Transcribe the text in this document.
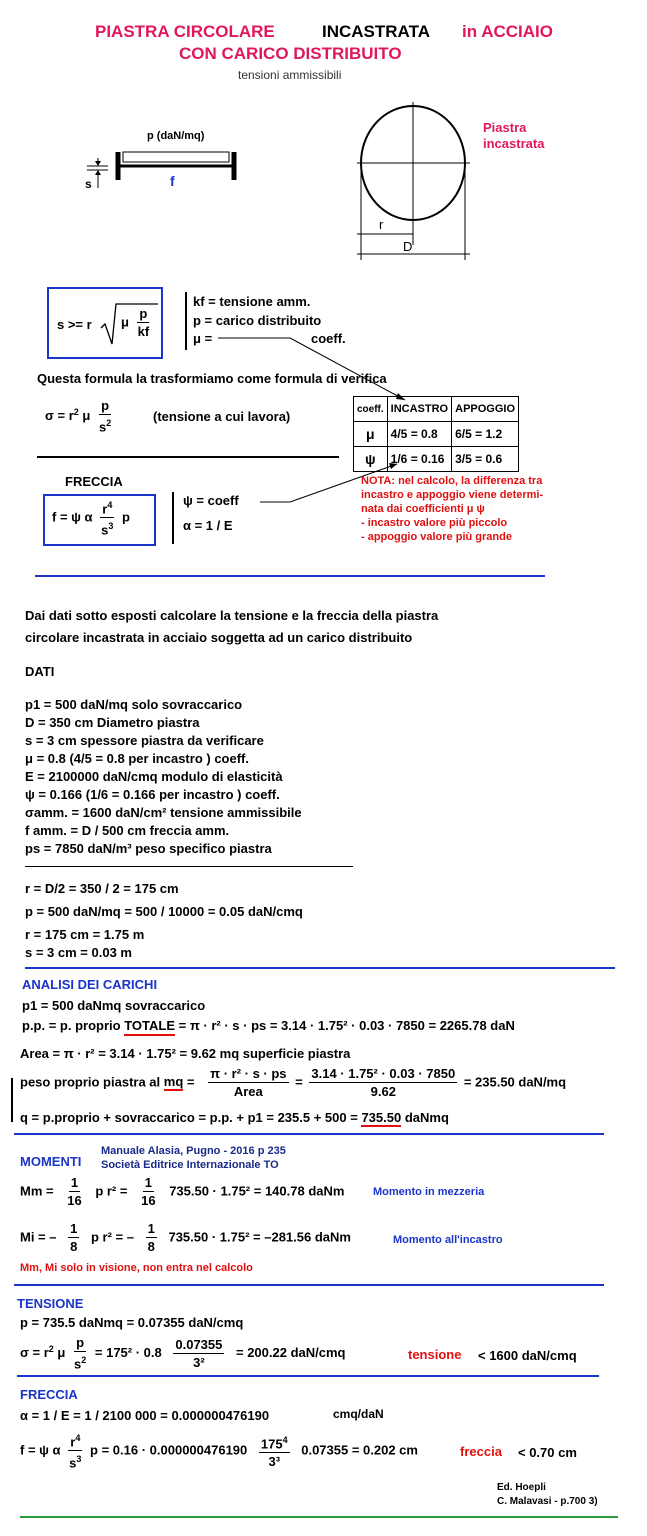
PIASTRA CIRCOLARE	INCASTRATA in ACCIAIO
CON CARICO DISTRIBUITO
tensioni ammissibili
p (daN/mq)
s	f
Piastra
incastrata
r
D
s >= r μ $\frac{p}{kf}$
kf = tensione amm.
p = carico distribuito
μ =	coeff.
Questa formula la trasformiamo come formula di verifica
$\sigma = r^2$ μ $\frac{p}{s^2}$	(tensione a cui lavora)	coeff.	INCASTRO	APPOGGIO
μ	4/5 = 0.8	6/5 = 1.2
ψ	1/6 = 0.16	3/5 = 0.6
FRECCIA
f = ψ α $\frac{r^4}{s^3}$ p
ψ = coeff
α = 1 / E
NOTA: nel calcolo, la differenza tra
incastro e appoggio viene determi-
nata dai coefficienti μ ψ
- incastro valore più piccolo
- appoggio valore più grande
Dai dati sotto esposti calcolare la tensione e la freccia della piastra
circolare incastrata in acciaio soggetta ad un carico distribuito
DATI
p1 = 500 daN/mq solo sovraccarico
D = 350 cm Diametro piastra
s = 3 cm spessore piastra da verificare
μ = 0.8 (4/5 = 0.8 per incastro ) coeff.
E = 2100000 daN/cmq modulo di elasticità
ψ = 0.166 (1/6 = 0.166 per incastro ) coeff.
σamm. = 1600 daN/cm² tensione ammissibile
f amm. = D / 500 cm freccia amm.
ps = 7850 daN/m³ peso specifico piastra
r = D/2 = 350 / 2 = 175 cm
p = 500 daN/mq = 500 / 10000 = 0.05 daN/cmq
r = 175 cm = 1.75 m
s = 3 cm = 0.03 m
ANALISI DEI CARICHI
p1 = 500 daNmq sovraccarico
p.p. = p. proprio TOTALE = π · r² · s · ps = 3.14 · 1.75² · 0.03 · 7850 = 2265.78 daN
Area = π · r² = 3.14 · 1.75² = 9.62 mq superficie piastra
peso proprio piastra al mq = $\frac{\text{π · r² · s · ps}}{\text{Area}} = \frac{\text{3.14 · 1.75² · 0.03 · 7850}}{9.62} = 235.50$ daN/mq
q = p.proprio + sovraccarico = p.p. + p1 = 235.5 + 500 = 735.50 daNmq
MOMENTI
Manuale Alasia, Pugno - 2016 p 235
Società Editrice Internazionale TO
$Mm = \frac{1}{16}$ p $r^2 = \frac{1}{16} 735.50 \cdot 1.75^2 = 140.78$ daNm	Momento in mezzeria
Mi = – $\frac{1}{8}$ p r² = – $\frac{1}{8} 735.50 \cdot 1.75^2 = -281.56$ daNm	Momento all'incastro
Mm, Mi solo in visione, non entra nel calcolo
TENSIONE
p = 735.5 daNmq = 0.07355 daN/cmq
$\sigma = r^2$ μ $\frac{p}{s^2} = 175^2 \cdot 0.8 \frac{0.07355}{\text{3²}} = 200.22$ daN/cmq	tensione < 1600 daN/cmq
FRECCIA
α = 1 / E = 1 / 2100 000 = 0.000000476190	cmq/daN
f = ψ α $\frac{r^4}{s^3}$ $p = 0.16 \cdot 0.000000476190 \frac{175^4}{\text{3³}} 0.07355 = 0.202$ cm	freccia < 0.70 cm
Ed. Hoepli
C. Malavasi - p.700 3)
